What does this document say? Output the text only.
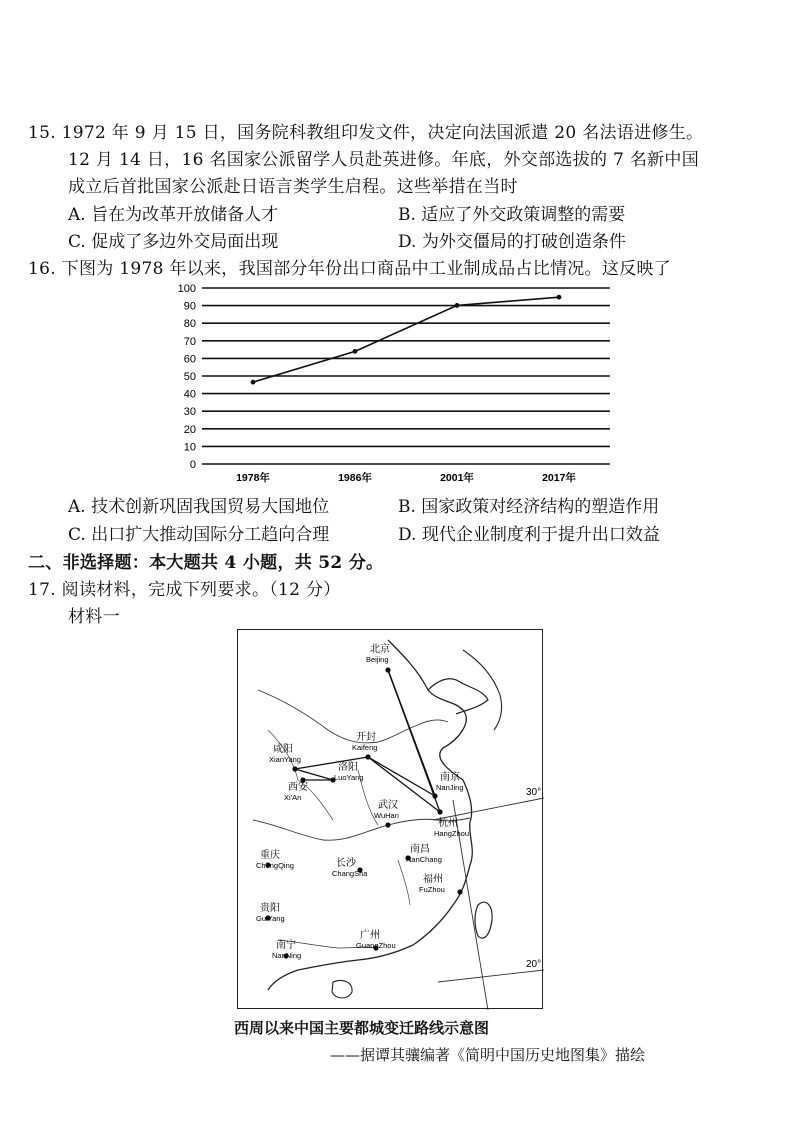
15. 1972 年 9 月 15 日，国务院科教组印发文件，决定向法国派遣 20 名法语进修生。
12 月 14 日，16 名国家公派留学人员赴英进修。年底，外交部选拔的 7 名新中国
成立后首批国家公派赴日语言类学生启程。这些举措在当时
A. 旨在为改革开放储备人才	B. 适应了外交政策调整的需要
C. 促成了多边外交局面出现	D. 为外交僵局的打破创造条件
16. 下图为 1978 年以来，我国部分年份出口商品中工业制成品占比情况。这反映了
0
10
20
30
40
50
60
70
80
90
100
1978年	1986年	2001年	2017年
A. 技术创新巩固我国贸易大国地位	B. 国家政策对经济结构的塑造作用
C. 出口扩大推动国际分工趋向合理	D. 现代企业制度利于提升出口效益
二、非选择题：本大题共 4 小题，共 52 分。
17. 阅读材料，完成下列要求。（12 分）
材料一
北京
Beijing
开封
Kaifeng
咸阳
XianYang
西安
Xi'An
洛阳
LuoYang	南京
NanJing
武汉
WuHan
杭州
HangZhou
重庆
ChongQing	长沙
ChangSha
南昌
NanChang
福州
FuZhou
贵阳
GuiYang
广州
GuangZhou
南宁
NanNing
30°
20°
西周以来中国主要都城变迁路线示意图
——据谭其骧编著《简明中国历史地图集》描绘
